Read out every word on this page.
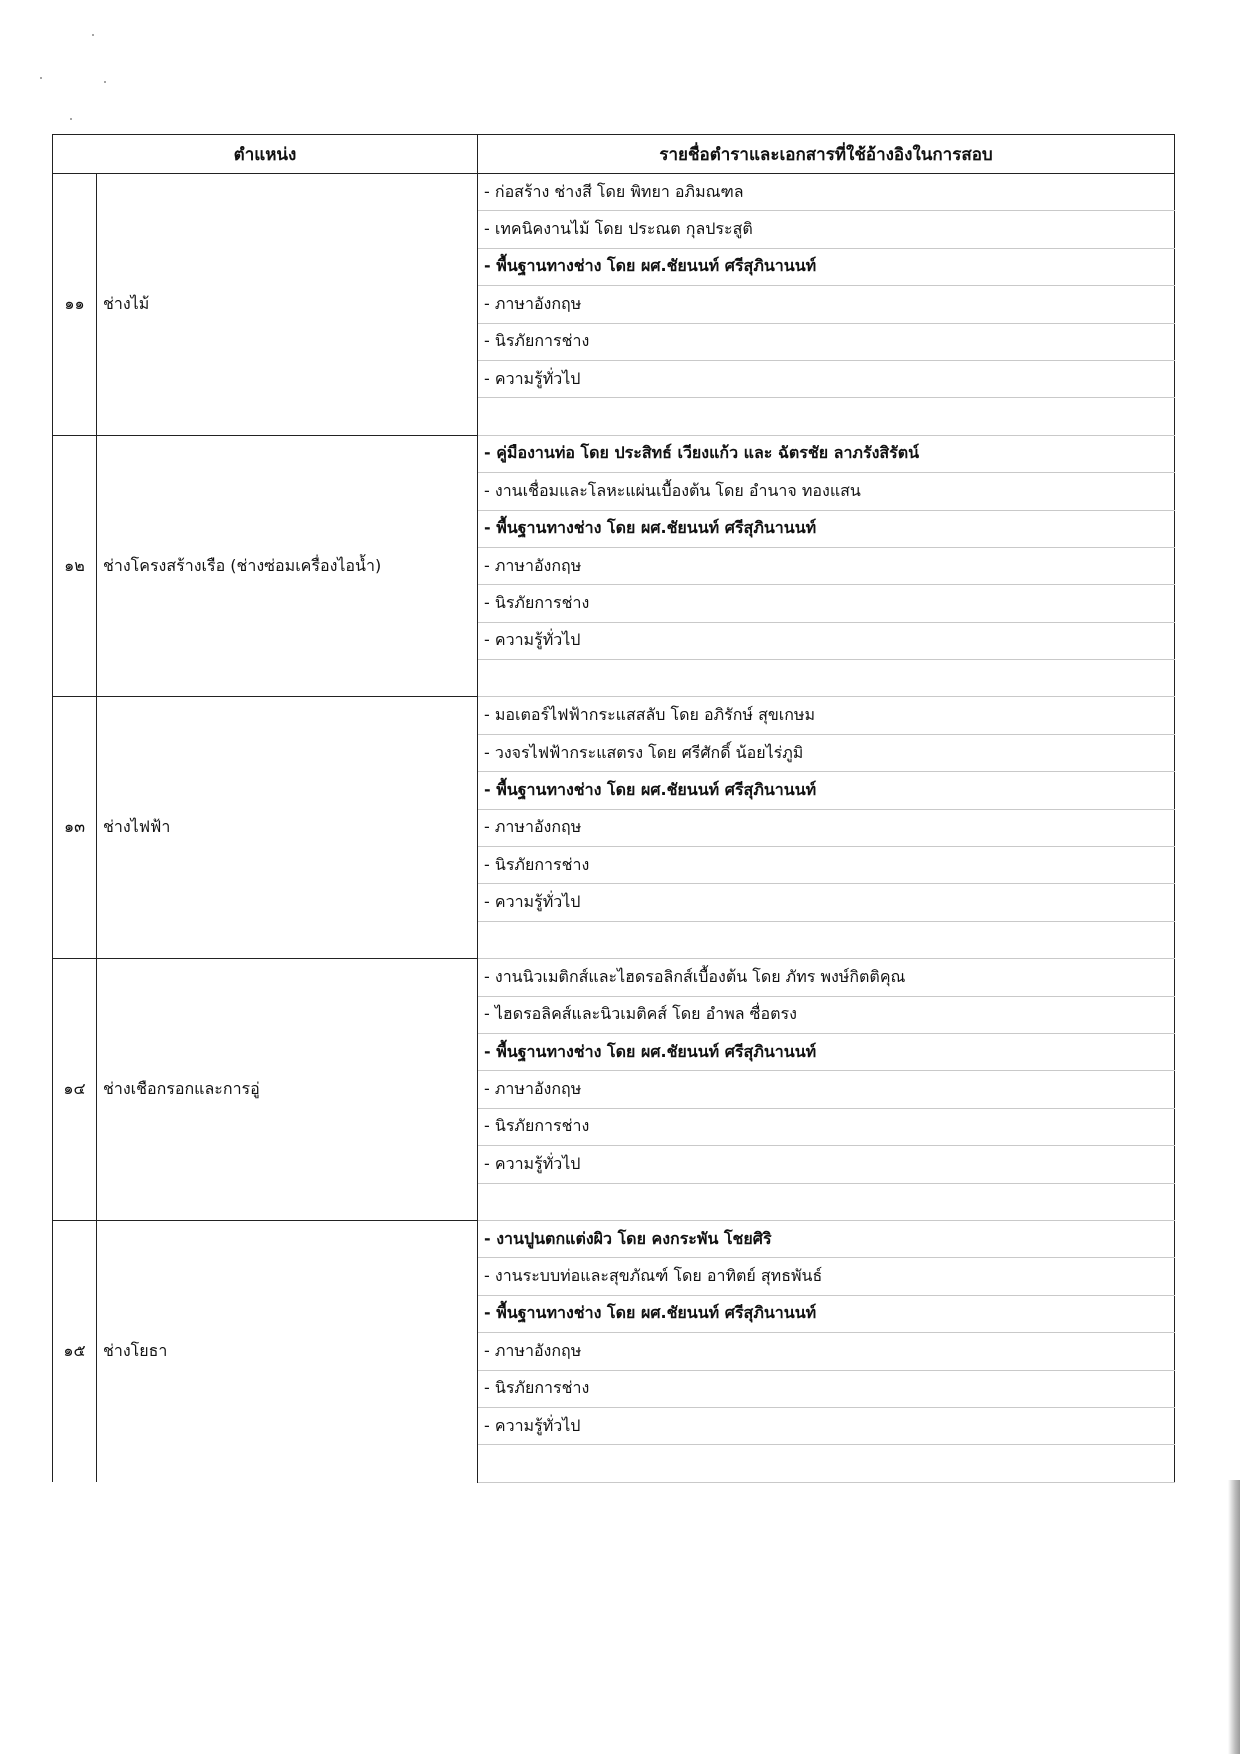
ตำแหน่ง		รายชื่อตำราและเอกสารที่ใช้อ้างอิงในการสอบ
๑๑	ช่างไม้	- ก่อสร้าง ช่างสี โดย พิทยา อภิมณฑล
		- เทคนิคงานไม้ โดย ประณต กุลประสูติ
		- พื้นฐานทางช่าง โดย ผศ.ชัยนนท์ ศรีสุภินานนท์
		- ภาษาอังกฤษ
		- นิรภัยการช่าง
		- ความรู้ทั่วไป

๑๒	ช่างโครงสร้างเรือ (ช่างซ่อมเครื่องไอน้ำ)	- คู่มืองานท่อ โดย ประสิทธ์ เวียงแก้ว และ ฉัตรชัย ลาภรังสิรัตน์
		- งานเชื่อมและโลหะแผ่นเบื้องต้น โดย อำนาจ ทองแสน
		- พื้นฐานทางช่าง โดย ผศ.ชัยนนท์ ศรีสุภินานนท์
		- ภาษาอังกฤษ
		- นิรภัยการช่าง
		- ความรู้ทั่วไป

๑๓	ช่างไฟฟ้า	- มอเตอร์ไฟฟ้ากระแสสลับ โดย อภิรักษ์ สุขเกษม
		- วงจรไฟฟ้ากระแสตรง โดย ศรีศักดิ์ น้อยไร่ภูมิ
		- พื้นฐานทางช่าง โดย ผศ.ชัยนนท์ ศรีสุภินานนท์
		- ภาษาอังกฤษ
		- นิรภัยการช่าง
		- ความรู้ทั่วไป

๑๔	ช่างเชือกรอกและการอู่	- งานนิวเมติกส์และไฮดรอลิกส์เบื้องต้น โดย ภัทร พงษ์กิตติคุณ
		- ไฮดรอลิคส์และนิวเมติคส์ โดย อำพล ซื่อตรง
		- พื้นฐานทางช่าง โดย ผศ.ชัยนนท์ ศรีสุภินานนท์
		- ภาษาอังกฤษ
		- นิรภัยการช่าง
		- ความรู้ทั่วไป

๑๕	ช่างโยธา	- งานปูนตกแต่งผิว โดย คงกระพัน โชยศิริ
		- งานระบบท่อและสุขภัณฑ์ โดย อาทิตย์ สุทธพันธ์
		- พื้นฐานทางช่าง โดย ผศ.ชัยนนท์ ศรีสุภินานนท์
		- ภาษาอังกฤษ
		- นิรภัยการช่าง
		- ความรู้ทั่วไป
